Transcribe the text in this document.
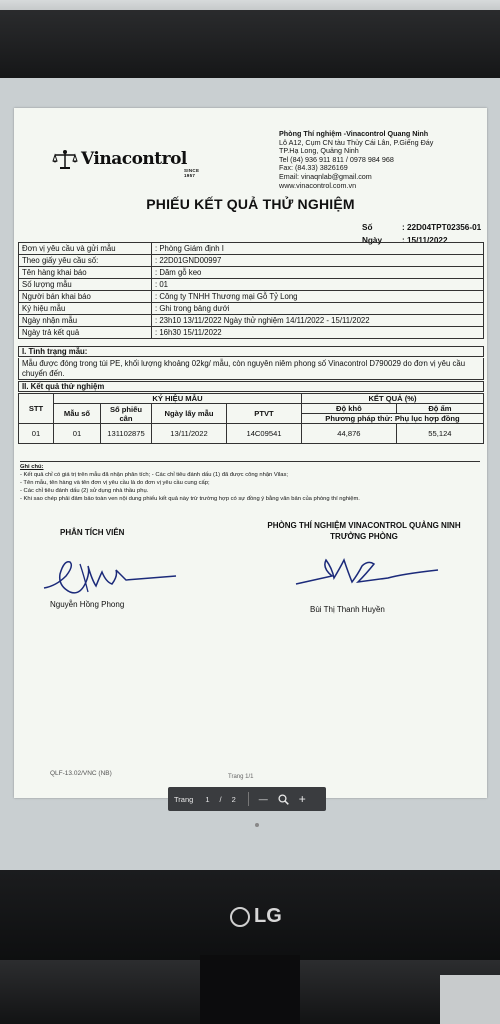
Phòng Thí nghiệm -Vinacontrol Quang Ninh
Lô A12, Cụm CN tàu Thủy Cái Lân, P.Giếng Đáy
TP.Hạ Long, Quảng Ninh
Tel (84) 936 911 811 / 0978 984 968
Fax: (84.33) 3826169
Email: vinaqnlab@gmail.com
www.vinacontrol.com.vn
Vinacontrol
SINCE 1957
PHIẾU KẾT QUẢ THỬ NGHIỆM
Số	: 22D04TPT02356-01
Ngày : 15/11/2022
Đơn vị yêu cầu và gửi mẫu	: Phòng Giám định I
Theo giấy yêu cầu số:	: 22D01GND00997
Tên hàng khai báo	: Dăm gỗ keo
Số lượng mẫu	: 01
Người bán khai báo	: Công ty TNHH Thương mại Gỗ Tỷ Long
Ký hiệu mẫu	: Ghi trong bảng dưới
Ngày nhận mẫu	: 23h10 13/11/2022 Ngày thử nghiệm 14/11/2022 - 15/11/2022
Ngày trả kết quả	: 16h30 15/11/2022
I. Tình trạng mẫu:
Mẫu được đóng trong túi PE, khối lượng khoảng 02kg/ mẫu, còn nguyên niêm phong số Vinacontrol D790029 do đơn vị yêu cầu chuyển đến.
II. Kết quả thử nghiệm
STT	KÝ HIỆU MẪU				KẾT QUẢ (%)	
	Mẫu số	Số phiếu cân	Ngày lấy mẫu	PTVT	Độ khô	Độ ẩm
					Phương pháp thử: Phụ lục hợp đồng	
01	01	131102875	13/11/2022	14C09541	44,876	55,124
Ghi chú:
- Kết quả chỉ có giá trị trên mẫu đã nhận phân tích; - Các chỉ tiêu đánh dấu (1) đã được công nhận Vilas;
- Tên mẫu, tên hàng và tên đơn vị yêu cầu là do đơn vị yêu cầu cung cấp;
- Các chỉ tiêu đánh dấu (2) sử dụng nhà thầu phụ.
- Khi sao chép phải đảm bảo toàn ven nội dung phiếu kết quả này trừ trường hợp có sự đồng ý bằng văn bản của phòng thí nghiệm.
PHÂN TÍCH VIÊN
PHÒNG THÍ NGHIỆM VINACONTROL QUẢNG NINH
TRƯỞNG PHÒNG
Nguyễn Hồng Phong
Bùi Thị Thanh Huyền
QLF-13.02/VNC (NB)	Trang 1/1
Trang 1 / 2	—	+
LG
